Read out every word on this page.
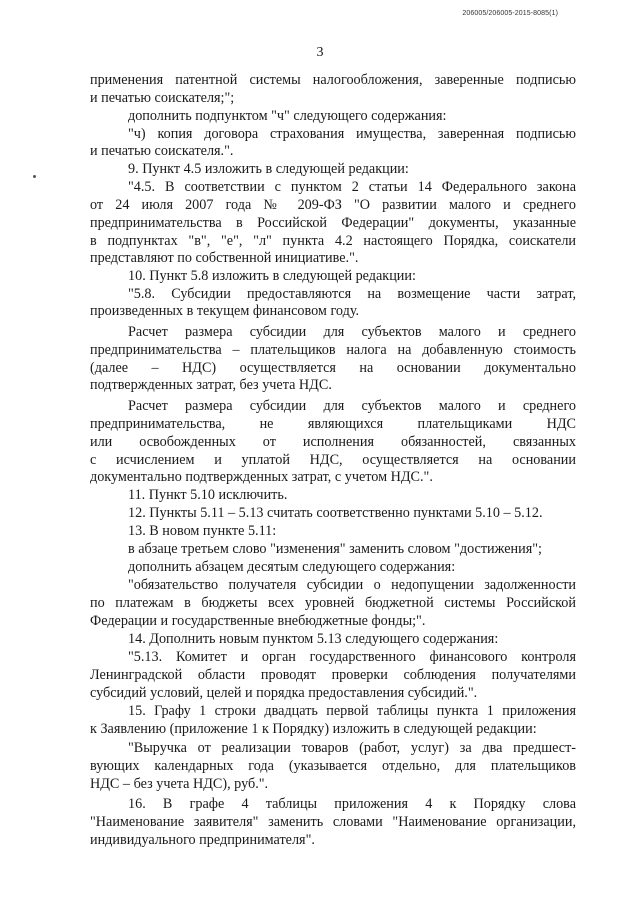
206005/206005-2015-8085(1)
3
применения патентной системы налогообложения, заверенные подписью
и печатью соискателя;";
дополнить подпунктом "ч" следующего содержания:
"ч) копия договора страхования имущества, заверенная подписью
и печатью соискателя.".
9. Пункт 4.5 изложить в следующей редакции:
"4.5. В соответствии с пунктом 2 статьи 14 Федерального закона
от 24 июля 2007 года № 209-ФЗ "О развитии малого и среднего
предпринимательства в Российской Федерации" документы, указанные
в подпунктах "в", "е", "л" пункта 4.2 настоящего Порядка, соискатели
представляют по собственной инициативе.".
10. Пункт 5.8 изложить в следующей редакции:
"5.8. Субсидии предоставляются на возмещение части затрат,
произведенных в текущем финансовом году.
Расчет размера субсидии для субъектов малого и среднего
предпринимательства – плательщиков налога на добавленную стоимость
(далее – НДС) осуществляется на основании документально
подтвержденных затрат, без учета НДС.
Расчет размера субсидии для субъектов малого и среднего
предпринимательства, не являющихся плательщиками НДС
или освобожденных от исполнения обязанностей, связанных
с исчислением и уплатой НДС, осуществляется на основании
документально подтвержденных затрат, с учетом НДС.".
11. Пункт 5.10 исключить.
12. Пункты 5.11 – 5.13 считать соответственно пунктами 5.10 – 5.12.
13. В новом пункте 5.11:
в абзаце третьем слово "изменения" заменить словом "достижения";
дополнить абзацем десятым следующего содержания:
"обязательство получателя субсидии о недопущении задолженности
по платежам в бюджеты всех уровней бюджетной системы Российской
Федерации и государственные внебюджетные фонды;".
14. Дополнить новым пунктом 5.13 следующего содержания:
"5.13. Комитет и орган государственного финансового контроля
Ленинградской области проводят проверки соблюдения получателями
субсидий условий, целей и порядка предоставления субсидий.".
15. Графу 1 строки двадцать первой таблицы пункта 1 приложения
к Заявлению (приложение 1 к Порядку) изложить в следующей редакции:
"Выручка от реализации товаров (работ, услуг) за два предшест-
вующих календарных года (указывается отдельно, для плательщиков
НДС – без учета НДС), руб.".
16. В графе 4 таблицы приложения 4 к Порядку слова
"Наименование заявителя" заменить словами "Наименование организации,
индивидуального предпринимателя".
